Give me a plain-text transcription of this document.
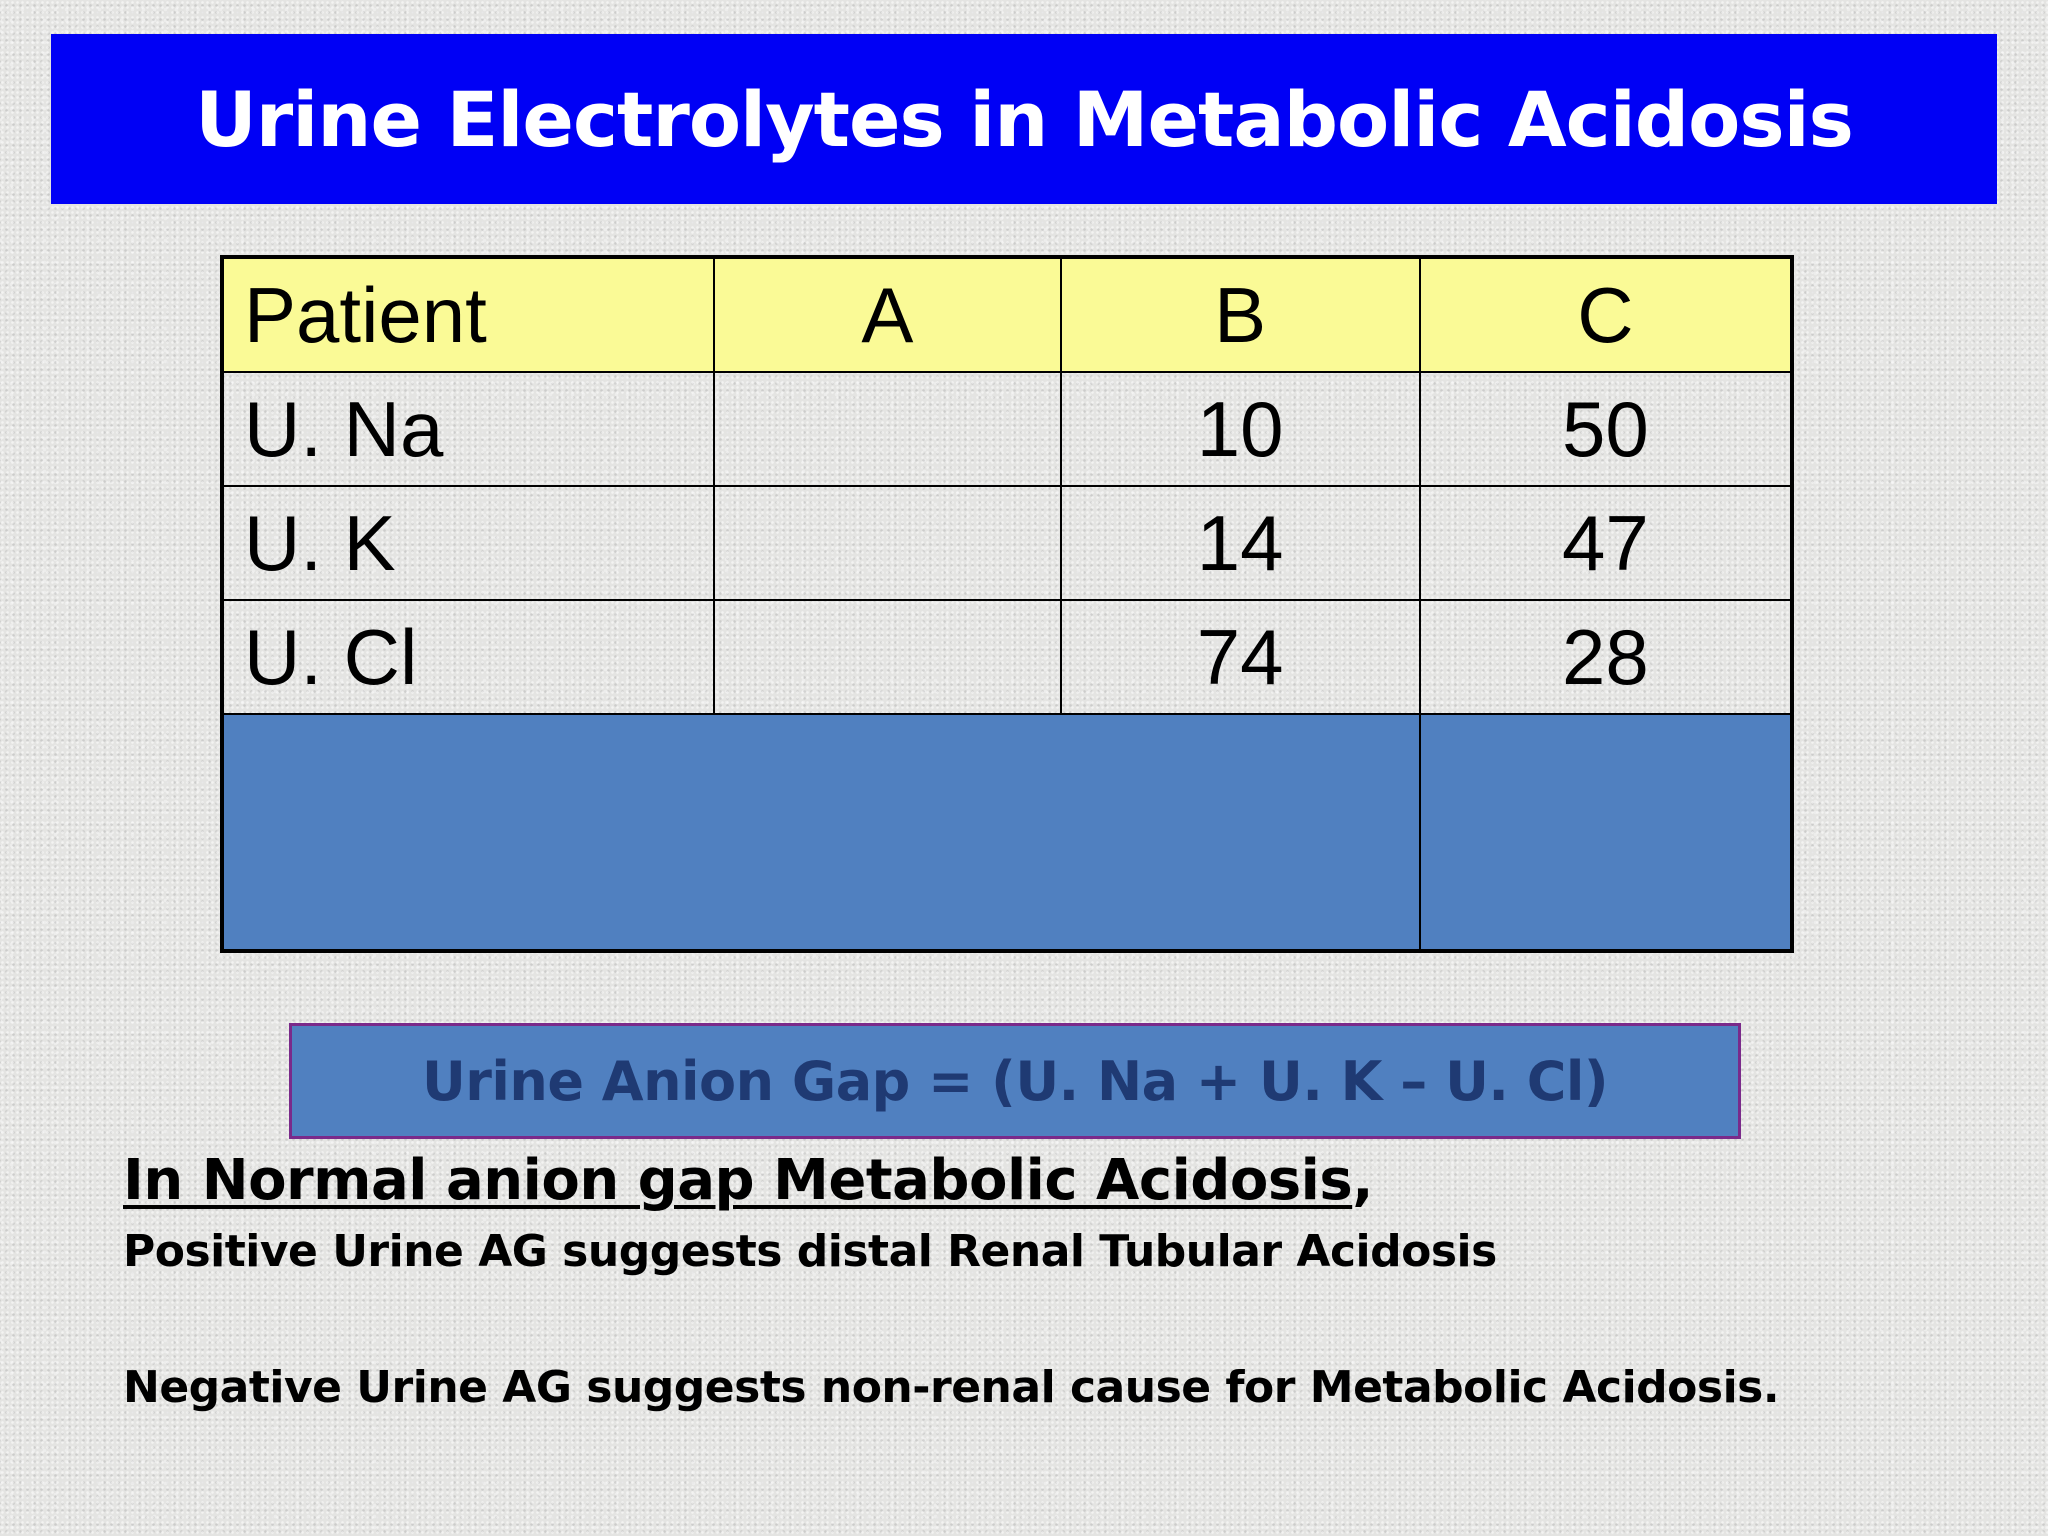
Urine Electrolytes in Metabolic Acidosis
Patient	A	B	C
U. Na		10	50
U. K		14	47
U. Cl		74	28

Urine Anion Gap = (U. Na + U. K – U. Cl)
In Normal anion gap Metabolic Acidosis,
Positive Urine AG suggests distal Renal Tubular Acidosis
Negative Urine AG suggests non-renal cause for Metabolic Acidosis.
